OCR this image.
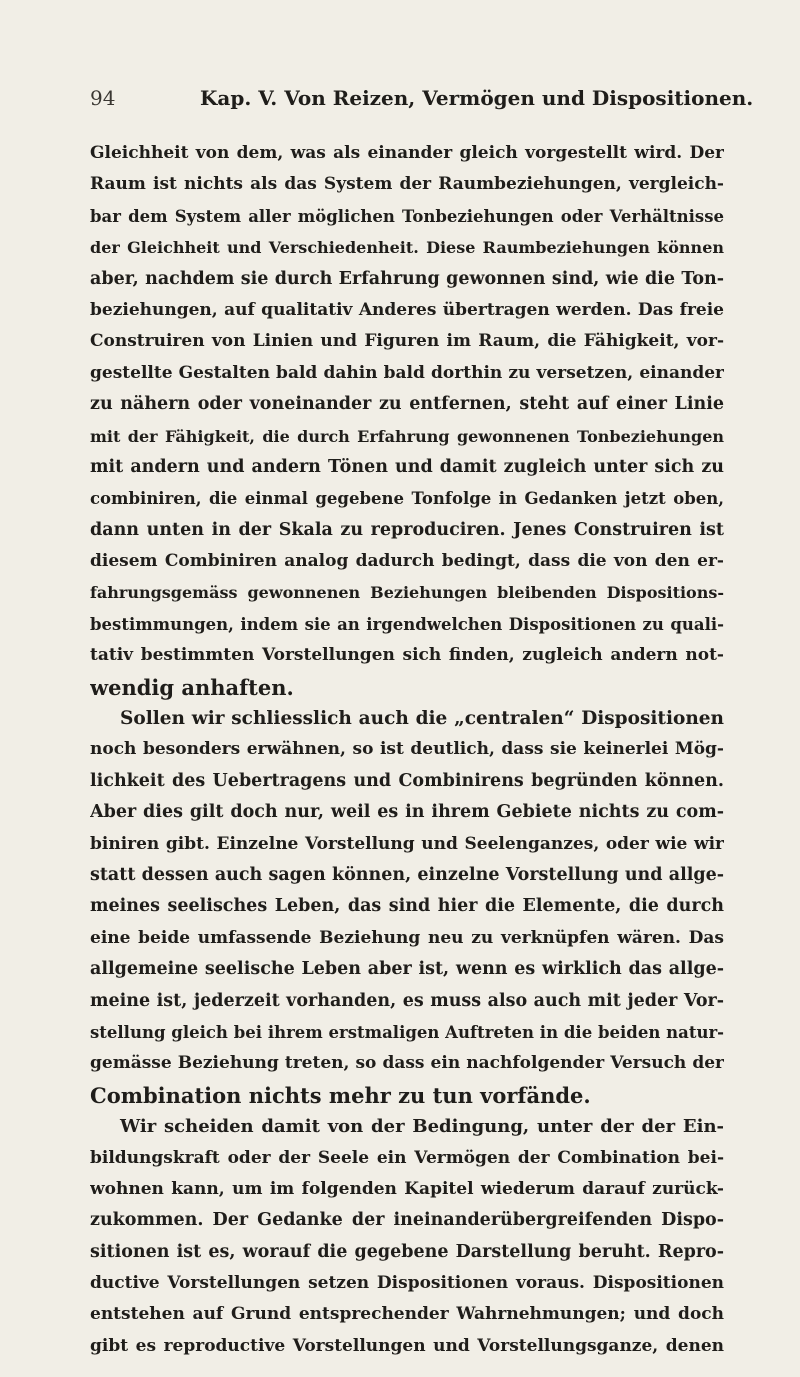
94	Kap. V. Von Reizen, Vermögen und Dispositionen.
Gleichheit von dem, was als einander gleich vorgestellt wird. Der
Raum ist nichts als das System der Raumbeziehungen, vergleich-
bar dem System aller möglichen Tonbeziehungen oder Verhältnisse
der Gleichheit und Verschiedenheit. Diese Raumbeziehungen können
aber, nachdem sie durch Erfahrung gewonnen sind, wie die Ton-
beziehungen, auf qualitativ Anderes übertragen werden. Das freie
Construiren von Linien und Figuren im Raum, die Fähigkeit, vor-
gestellte Gestalten bald dahin bald dorthin zu versetzen, einander
zu nähern oder voneinander zu entfernen, steht auf einer Linie
mit der Fähigkeit, die durch Erfahrung gewonnenen Tonbeziehungen
mit andern und andern Tönen und damit zugleich unter sich zu
combiniren, die einmal gegebene Tonfolge in Gedanken jetzt oben,
dann unten in der Skala zu reproduciren. Jenes Construiren ist
diesem Combiniren analog dadurch bedingt, dass die von den er-
fahrungsgemäss gewonnenen Beziehungen bleibenden Dispositions-
bestimmungen, indem sie an irgendwelchen Dispositionen zu quali-
tativ bestimmten Vorstellungen sich finden, zugleich andern not-
wendig anhaften.
Sollen wir schliesslich auch die „centralen“ Dispositionen
noch besonders erwähnen, so ist deutlich, dass sie keinerlei Mög-
lichkeit des Uebertragens und Combinirens begründen können.
Aber dies gilt doch nur, weil es in ihrem Gebiete nichts zu com-
biniren gibt. Einzelne Vorstellung und Seelenganzes, oder wie wir
statt dessen auch sagen können, einzelne Vorstellung und allge-
meines seelisches Leben, das sind hier die Elemente, die durch
eine beide umfassende Beziehung neu zu verknüpfen wären. Das
allgemeine seelische Leben aber ist, wenn es wirklich das allge-
meine ist, jederzeit vorhanden, es muss also auch mit jeder Vor-
stellung gleich bei ihrem erstmaligen Auftreten in die beiden natur-
gemässe Beziehung treten, so dass ein nachfolgender Versuch der
Combination nichts mehr zu tun vorfände.
Wir scheiden damit von der Bedingung, unter der der Ein-
bildungskraft oder der Seele ein Vermögen der Combination bei-
wohnen kann, um im folgenden Kapitel wiederum darauf zurück-
zukommen. Der Gedanke der ineinanderübergreifenden Dispo-
sitionen ist es, worauf die gegebene Darstellung beruht. Repro-
ductive Vorstellungen setzen Dispositionen voraus. Dispositionen
entstehen auf Grund entsprechender Wahrnehmungen; und doch
gibt es reproductive Vorstellungen und Vorstellungsganze, denen
